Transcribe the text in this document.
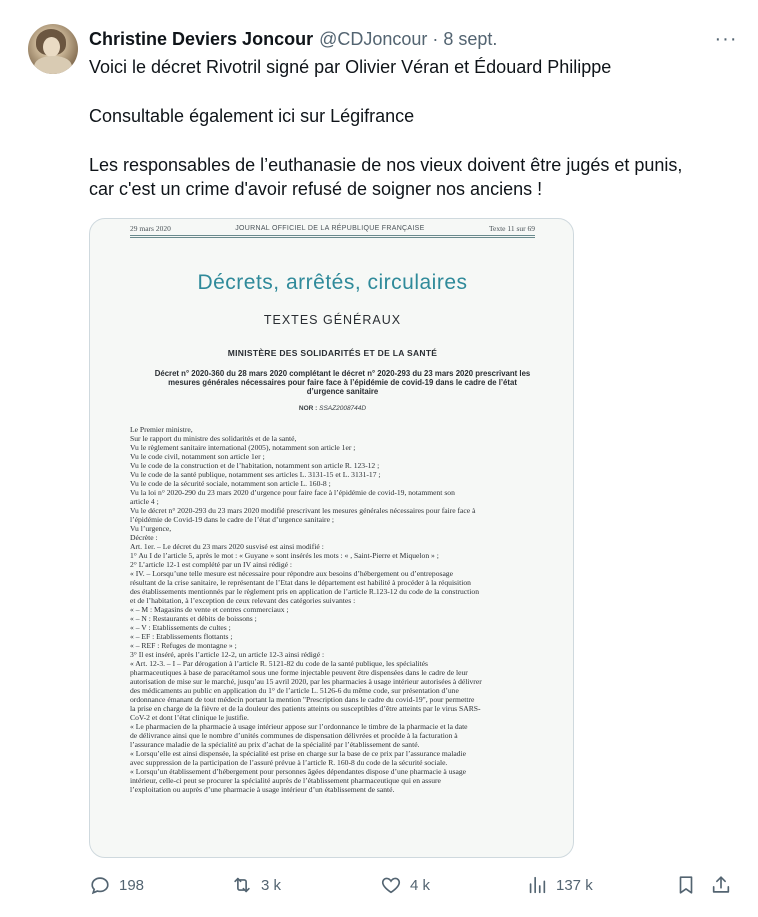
Christine Deviers Joncour @CDJoncour · 8 sept.	···
Voici le décret Rivotril signé par Olivier Véran et Édouard Philippe
Consultable également ici sur Légifrance
Les responsables de l’euthanasie de nos vieux doivent être jugés et punis,
car c'est un crime d'avoir refusé de soigner nos anciens !
29 mars 2020	JOURNAL OFFICIEL DE LA RÉPUBLIQUE FRANÇAISE	Texte 11 sur 69
Décrets, arrêtés, circulaires
TEXTES GÉNÉRAUX
MINISTÈRE DES SOLIDARITÉS ET DE LA SANTÉ
Décret n° 2020-360 du 28 mars 2020 complétant le décret n° 2020-293 du 23 mars 2020 prescrivant les mesures générales nécessaires pour faire face à l’épidémie de covid-19 dans le cadre de l’état d’urgence sanitaire
NOR : SSAZ2008744D

Le Premier ministre,

Sur le rapport du ministre des solidarités et de la santé,

Vu le règlement sanitaire international (2005), notamment son article 1er ;

Vu le code civil, notamment son article 1er ;

Vu le code de la construction et de l’habitation, notamment son article R. 123-12 ;

Vu le code de la santé publique, notamment ses articles L. 3131-15 et L. 3131-17 ;

Vu le code de la sécurité sociale, notamment son article L. 160-8 ;

Vu la loi n° 2020-290 du 23 mars 2020 d’urgence pour faire face à l’épidémie de covid-19, notamment son

article 4 ;

Vu le décret n° 2020-293 du 23 mars 2020 modifié prescrivant les mesures générales nécessaires pour faire face à

l’épidémie de Covid-19 dans le cadre de l’état d’urgence sanitaire ;

Vu l’urgence,

Décrète :

Art. 1er. – Le décret du 23 mars 2020 susvisé est ainsi modifié :

1° Au I de l’article 5, après le mot : « Guyane » sont insérés les mots : « , Saint-Pierre et Miquelon » ;

2° L’article 12-1 est complété par un IV ainsi rédigé :

« IV. – Lorsqu’une telle mesure est nécessaire pour répondre aux besoins d’hébergement ou d’entreposage

résultant de la crise sanitaire, le représentant de l’Etat dans le département est habilité à procéder à la réquisition

des établissements mentionnés par le règlement pris en application de l’article R.123-12 du code de la construction

et de l’habitation, à l’exception de ceux relevant des catégories suivantes :

« – M : Magasins de vente et centres commerciaux ;

« – N : Restaurants et débits de boissons ;

« – V : Etablissements de cultes ;

« – EF : Etablissements flottants ;

« – REF : Refuges de montagne » ;

3° Il est inséré, après l’article 12-2, un article 12-3 ainsi rédigé :

« Art. 12-3. – I – Par dérogation à l’article R. 5121-82 du code de la santé publique, les spécialités

pharmaceutiques à base de paracétamol sous une forme injectable peuvent être dispensées dans le cadre de leur

autorisation de mise sur le marché, jusqu’au 15 avril 2020, par les pharmacies à usage intérieur autorisées à délivrer

des médicaments au public en application du 1° de l’article L. 5126-6 du même code, sur présentation d’une

ordonnance émanant de tout médecin portant la mention "Prescription dans le cadre du covid-19", pour permettre

la prise en charge de la fièvre et de la douleur des patients atteints ou susceptibles d’être atteints par le virus SARS-

CoV-2 et dont l’état clinique le justifie.

« Le pharmacien de la pharmacie à usage intérieur appose sur l’ordonnance le timbre de la pharmacie et la date

de délivrance ainsi que le nombre d’unités communes de dispensation délivrées et procède à la facturation à

l’assurance maladie de la spécialité au prix d’achat de la spécialité par l’établissement de santé.

« Lorsqu’elle est ainsi dispensée, la spécialité est prise en charge sur la base de ce prix par l’assurance maladie

avec suppression de la participation de l’assuré prévue à l’article R. 160-8 du code de la sécurité sociale.

« Lorsqu’un établissement d’hébergement pour personnes âgées dépendantes dispose d’une pharmacie à usage

intérieur, celle-ci peut se procurer la spécialité auprès de l’établissement pharmaceutique qui en assure

l’exploitation ou auprès d’une pharmacie à usage intérieur d’un établissement de santé.

198	3 k	4 k	137 k
